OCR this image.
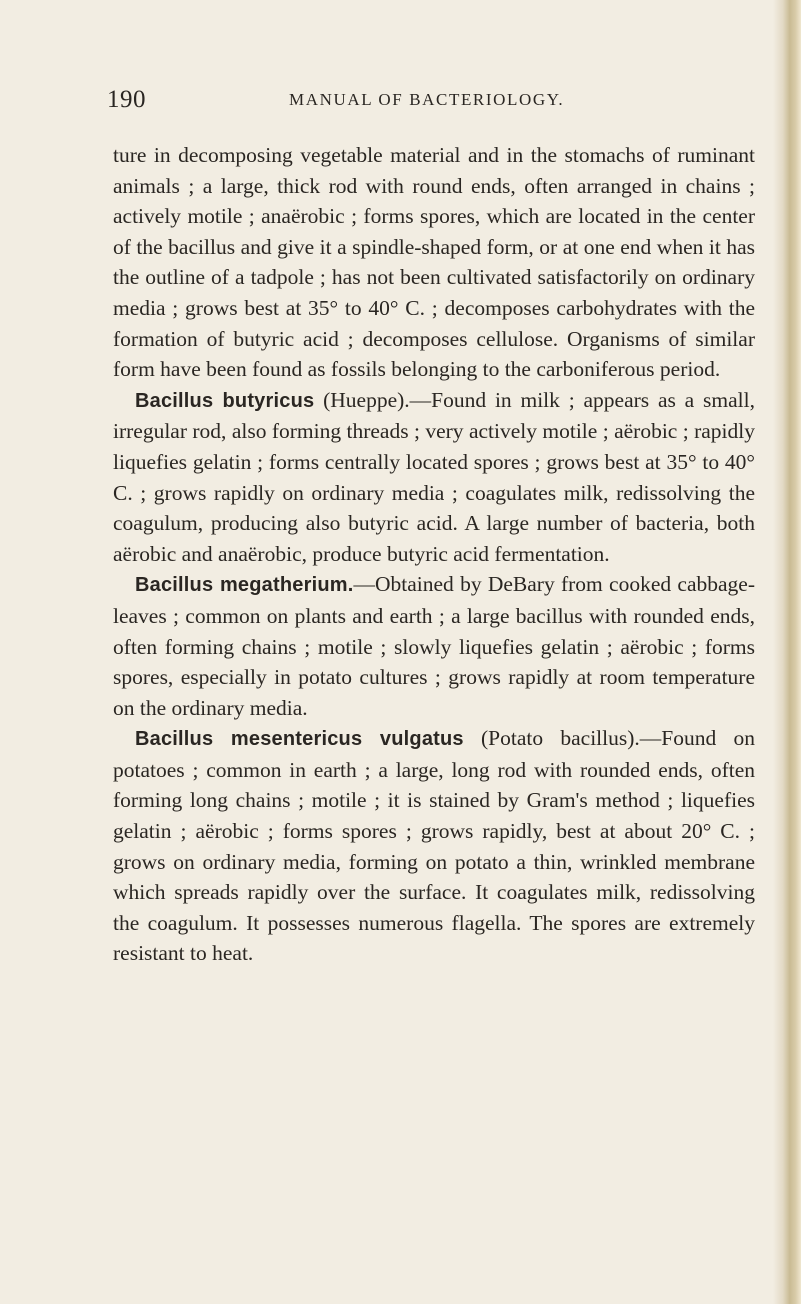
190	MANUAL OF BACTERIOLOGY.

ture in decomposing vegetable material and in the stomachs of ruminant animals ; a large, thick rod with round ends, often arranged in chains ; actively motile ; anaërobic ; forms spores, which are located in the center of the bacillus and give it a spindle-shaped form, or at one end when it has the outline of a tadpole ; has not been cultivated satisfactorily on ordinary media ; grows best at 35° to 40° C. ; decomposes carbohydrates with the formation of butyric acid ; decomposes cellulose. Organisms of similar form have been found as fossils belonging to the carboniferous period.

Bacillus butyricus (Hueppe).—Found in milk ; appears as a small, irregular rod, also forming threads ; very actively motile ; aërobic ; rapidly liquefies gelatin ; forms centrally located spores ; grows best at 35° to 40° C. ; grows rapidly on ordinary media ; coagulates milk, redissolving the coagulum, producing also butyric acid. A large number of bacteria, both aërobic and anaërobic, produce butyric acid fermentation.

Bacillus megatherium.—Obtained by DeBary from cooked cabbage-leaves ; common on plants and earth ; a large bacillus with rounded ends, often forming chains ; motile ; slowly liquefies gelatin ; aërobic ; forms spores, especially in potato cultures ; grows rapidly at room temperature on the ordinary media.

Bacillus mesentericus vulgatus (Potato bacillus).—Found on potatoes ; common in earth ; a large, long rod with rounded ends, often forming long chains ; motile ; it is stained by Gram's method ; liquefies gelatin ; aërobic ; forms spores ; grows rapidly, best at about 20° C. ; grows on ordinary media, forming on potato a thin, wrinkled membrane which spreads rapidly over the surface. It coagulates milk, redissolving the coagulum. It possesses numerous flagella. The spores are extremely resistant to heat.
